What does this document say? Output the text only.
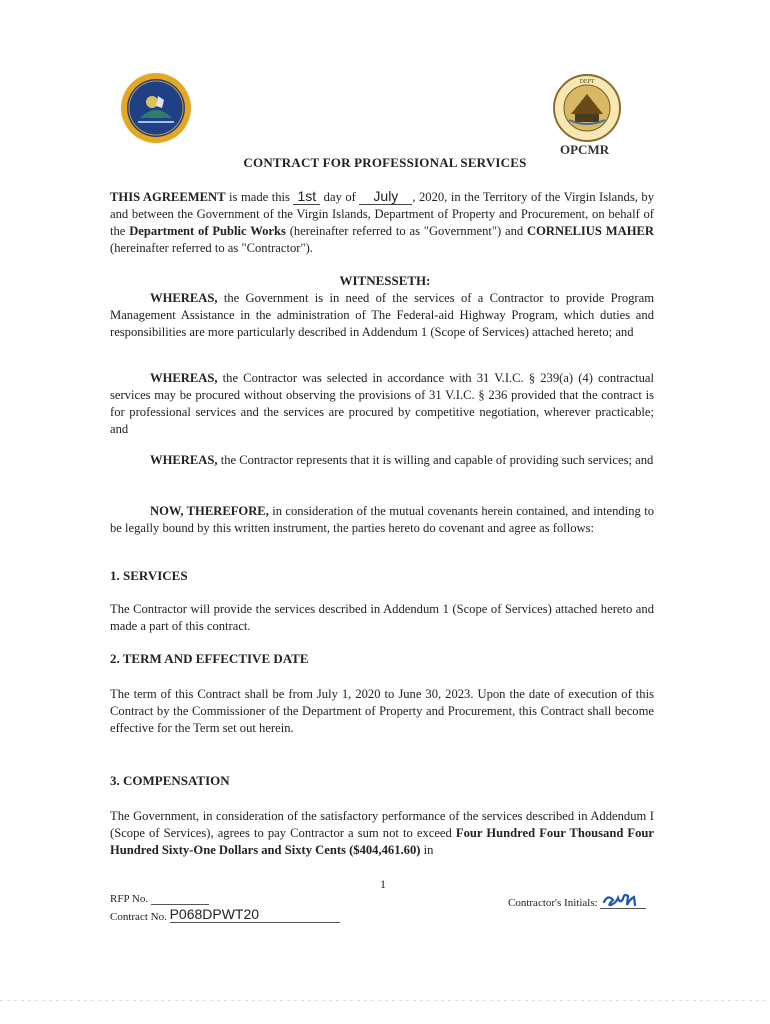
DEPT
OPCMR
CONTRACT FOR PROFESSIONAL SERVICES
THIS AGREEMENT is made this 1st day of July , 2020, in the Territory of the Virgin Islands, by and between the Government of the Virgin Islands, Department of Property and Procurement, on behalf of the Department of Public Works (hereinafter referred to as "Government") and CORNELIUS MAHER (hereinafter referred to as "Contractor").
WITNESSETH:
WHEREAS, the Government is in need of the services of a Contractor to provide Program Management Assistance in the administration of The Federal-aid Highway Program, which duties and responsibilities are more particularly described in Addendum 1 (Scope of Services) attached hereto; and
WHEREAS, the Contractor was selected in accordance with 31 V.I.C. § 239(a) (4) contractual services may be procured without observing the provisions of 31 V.I.C. § 236 provided that the contract is for professional services and the services are procured by competitive negotiation, wherever practicable; and
WHEREAS, the Contractor represents that it is willing and capable of providing such services; and
NOW, THEREFORE, in consideration of the mutual covenants herein contained, and intending to be legally bound by this written instrument, the parties hereto do covenant and agree as follows:
1. SERVICES
The Contractor will provide the services described in Addendum 1 (Scope of Services) attached hereto and made a part of this contract.
2. TERM AND EFFECTIVE DATE
The term of this Contract shall be from July 1, 2020 to June 30, 2023. Upon the date of execution of this Contract by the Commissioner of the Department of Property and Procurement, this Contract shall become effective for the Term set out herein.
3. COMPENSATION
The Government, in consideration of the satisfactory performance of the services described in Addendum I (Scope of Services), agrees to pay Contractor a sum not to exceed Four Hundred Four Thousand Four Hundred Sixty-One Dollars and Sixty Cents ($404,461.60) in
1
RFP No.
Contract No. P068DPWT20
Contractor's Initials:
